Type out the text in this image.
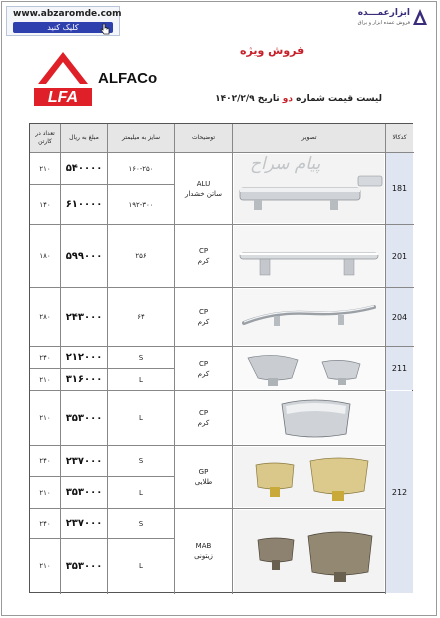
www.abzaromde.com
کلیک کنید
ابزارعمـــده
فروش عمده ابزار و یراق
LFA
ALFACo
فروش ویژه
لیست قیمت شماره دو تاریخ ۱۴۰۲/۲/۹
کدکالا
تصویر
توضیحات
سایز به میلیمتر
مبلغ به ریال
تعداد در کارتن
181
201
204
211
212
ALU
ساتن خشدار
CP
کرم
CP
کرم
CP
کرم
CP
کرم
GP
طلایی
MAB
زیتونی
۱۶۰-۲۵۰
۵۴۰۰۰۰
۲۱۰
۱۹۲-۳۰۰
۶۱۰۰۰۰
۱۴۰
۲۵۶
۵۹۹۰۰۰
۱۸۰
۶۴
۲۴۳۰۰۰
۲۸۰
S
۲۱۲۰۰۰
۲۴۰
L
۳۱۶۰۰۰
۲۱۰
L
۳۵۳۰۰۰
۲۱۰
S
۲۳۷۰۰۰
۲۴۰
L
۳۵۳۰۰۰
۲۱۰
S
۲۳۷۰۰۰
۲۴۰
L
۳۵۳۰۰۰
۲۱۰
پیام سراح
